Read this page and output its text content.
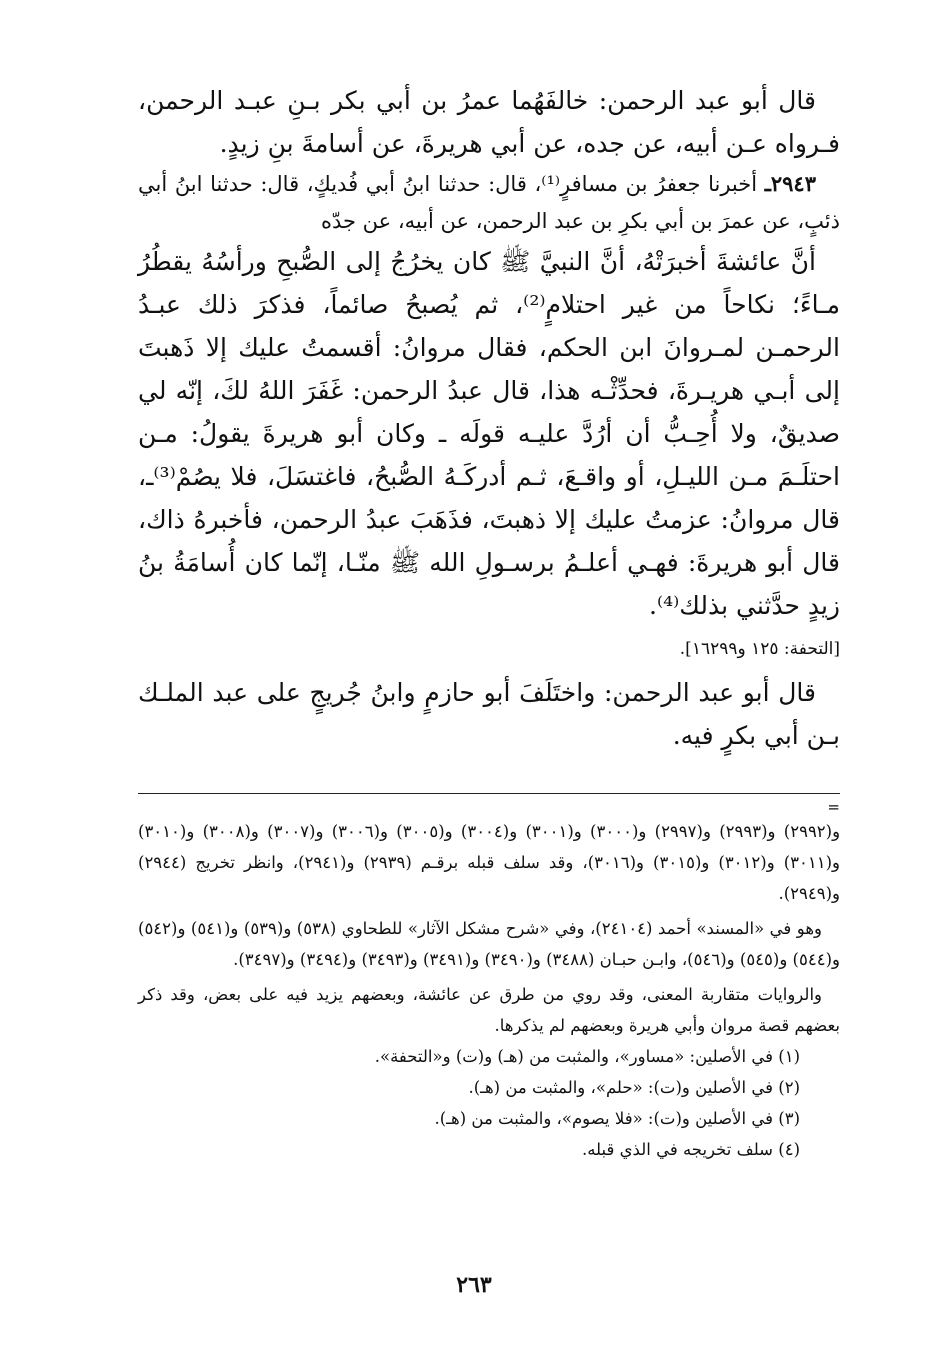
قال أبو عبد الرحمن: خالفَهُما عمرُ بن أبي بكر بـنِ عبـد الرحمن، فـرواه عـن أبيه، عن جده، عن أبي هريرةَ، عن أسامةَ بنِ زيدٍ.

٢٩٤٣ـ أخبرنا جعفرُ بن مسافرٍ⁽¹⁾، قال: حدثنا ابنُ أبي فُديكٍ، قال: حدثنا ابنُ أبي ذئبٍ، عن عمرَ بن أبي بكرِ بن عبد الرحمن، عن أبيه، عن جدّه

أنَّ عائشةَ أخبرَتْهُ، أنَّ النبيَّ ﷺ كان يخرُجُ إلى الصُّبحِ ورأسُهُ يقطُرُ مـاءً؛ نكاحاً من غير احتلامٍ⁽²⁾، ثم يُصبحُ صائماً، فذكرَ ذلك عبـدُ الرحمـن لمـروانَ ابن الحكم، فقال مروانُ: أقسمتُ عليك إلا ذَهبتَ إلى أبـي هريـرةَ، فحدِّثْـه هذا، قال عبدُ الرحمن: غَفَرَ اللهُ لكَ، إنّه لي صديقٌ، ولا أُحِـبُّ أن أرُدَّ عليـه قولَه ـ وكان أبو هريرةَ يقولُ: مـن احتلَـمَ مـن الليـلِ، أو واقـعَ، ثـم أدركَـهُ الصُّبحُ، فاغتسَلَ، فلا يصُمْ⁽³⁾ـ، قال مروانُ: عزمتُ عليك إلا ذهبتَ، فذَهَبَ عبدُ الرحمن، فأخبرهُ ذاك، قال أبو هريرةَ: فهـي أعلـمُ برسـولِ الله ﷺ منّـا، إنّما كان أُسامَةُ بنُ زيدٍ حدَّثني بذلك⁽⁴⁾.

[التحفة: ١٢٥ و١٦٢٩٩].

قال أبو عبد الرحمن: واختَلَفَ أبو حازمٍ وابنُ جُريجٍ على عبد الملـك بـن أبي بكرٍ فيه.

=

و(٢٩٩٢) و(٢٩٩٣) و(٢٩٩٧) و(٣٠٠٠) و(٣٠٠١) و(٣٠٠٤) و(٣٠٠٥) و(٣٠٠٦) و(٣٠٠٧) و(٣٠٠٨) و(٣٠١٠) و(٣٠١١) و(٣٠١٢) و(٣٠١٥) و(٣٠١٦)، وقد سلف قبله برقـم (٢٩٣٩) و(٢٩٤١)، وانظر تخريج (٢٩٤٤) و(٢٩٤٩).

وهو في «المسند» أحمد (٢٤١٠٤)، وفي «شرح مشكل الآثار» للطحاوي (٥٣٨) و(٥٣٩) و(٥٤١) و(٥٤٢) و(٥٤٤) و(٥٤٥) و(٥٤٦)، وابـن حبـان (٣٤٨٨) و(٣٤٩٠) و(٣٤٩١) و(٣٤٩٣) و(٣٤٩٤) و(٣٤٩٧).

والروايات متقاربة المعنى، وقد روي من طرق عن عائشة، وبعضهم يزيد فيه على بعض، وقد ذكر بعضهم قصة مروان وأبي هريرة وبعضهم لم يذكرها.

(١) في الأصلين: «مساور»، والمثبت من (هـ) و(ت) و«التحفة».

(٢) في الأصلين و(ت): «حلم»، والمثبت من (هـ).

(٣) في الأصلين و(ت): «فلا يصوم»، والمثبت من (هـ).

(٤) سلف تخريجه في الذي قبله.

٢٦٣
